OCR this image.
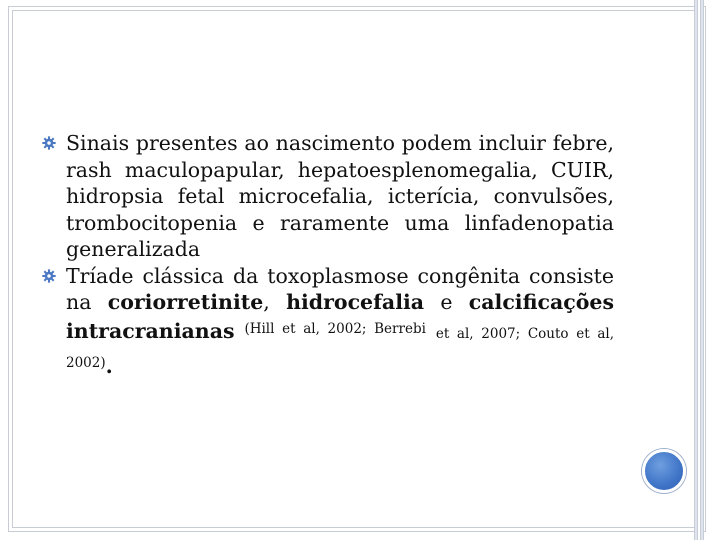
Sinais presentes ao nascimento podem incluir febre, rash maculopapular, hepatoesplenomegalia, CUIR, hidropsia fetal microcefalia, icterícia, convulsões, trombocitopenia e raramente uma linfadenopatia generalizada
Tríade clássica da toxoplasmose congênita consiste na coriorretinite, hidrocefalia e calcificações intracranianas $^{(Hill et al, 2002; Berrebi}$ et al, 2007; Couto et al, 2002).
